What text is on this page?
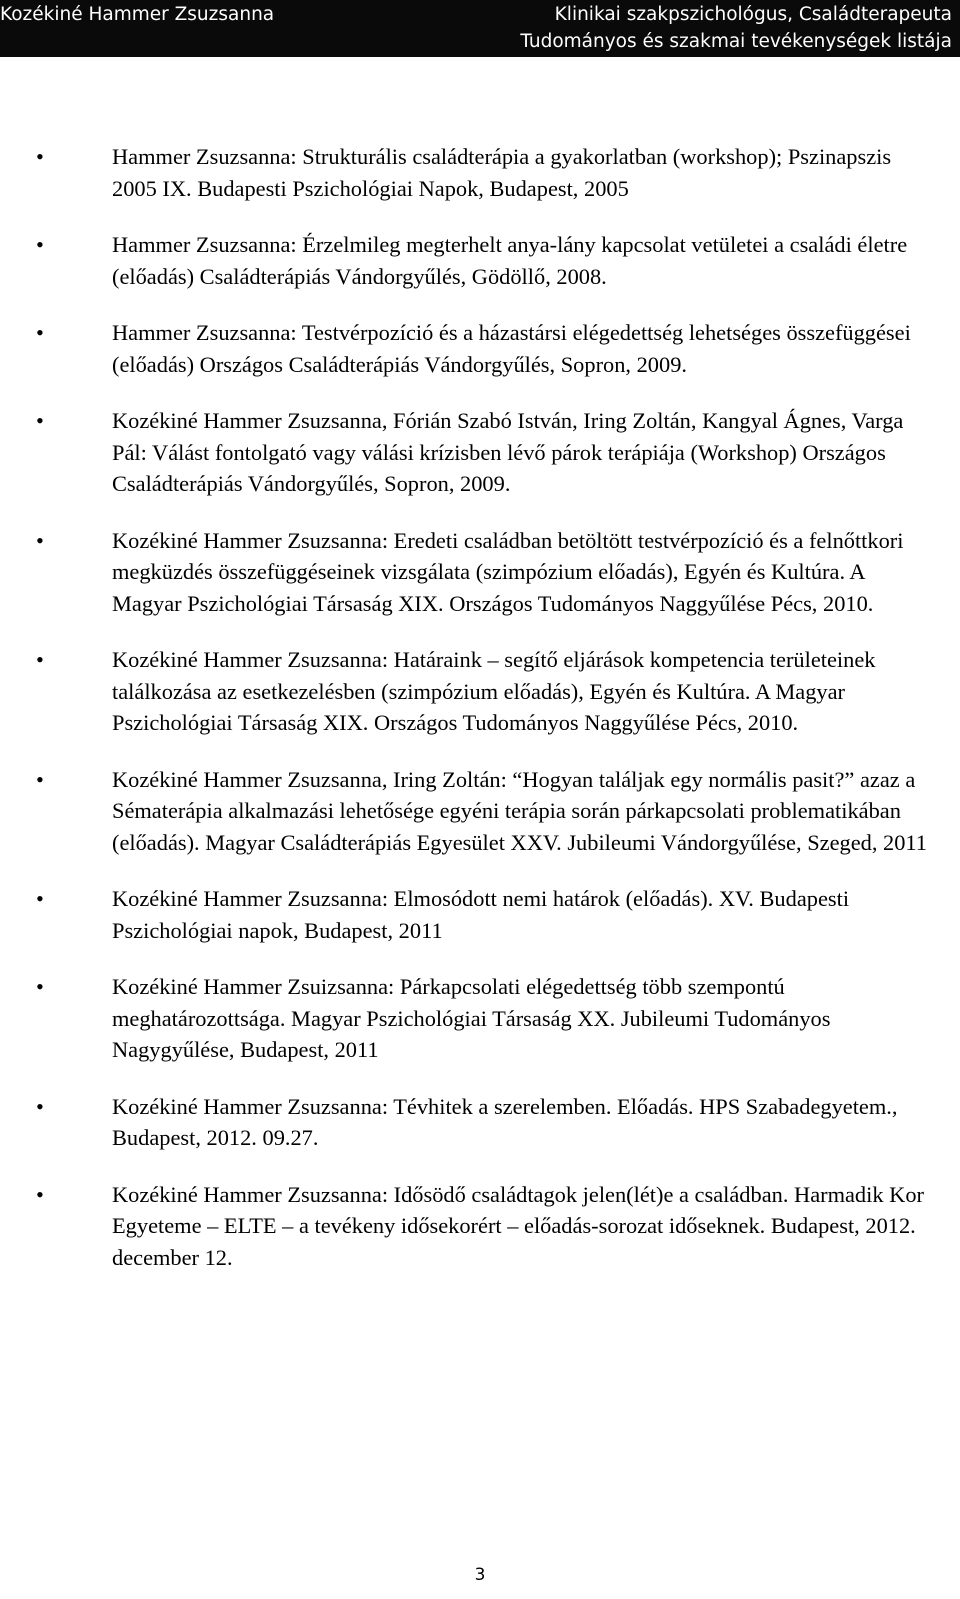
Kozékiné Hammer Zsuzsanna	Klinikai szakpszichológus, Családterapeuta
Tudományos és szakmai tevékenységek listája
•	Hammer Zsuzsanna: Strukturális családterápia a gyakorlatban (workshop); Pszinapszis 2005 IX. Budapesti Pszichológiai Napok, Budapest, 2005
•	Hammer Zsuzsanna: Érzelmileg megterhelt anya-lány kapcsolat vetületei a családi életre (előadás) Családterápiás Vándorgyűlés, Gödöllő, 2008.
•	Hammer Zsuzsanna: Testvérpozíció és a házastársi elégedettség lehetséges összefüggései (előadás) Országos Családterápiás Vándorgyűlés, Sopron, 2009.
•	Kozékiné Hammer Zsuzsanna, Fórián Szabó István, Iring Zoltán, Kangyal Ágnes, Varga Pál: Válást fontolgató vagy válási krízisben lévő párok terápiája (Workshop) Országos Családterápiás Vándorgyűlés, Sopron, 2009.
•	Kozékiné Hammer Zsuzsanna: Eredeti családban betöltött testvérpozíció és a felnőttkori megküzdés összefüggéseinek vizsgálata (szimpózium előadás), Egyén és Kultúra. A Magyar Pszichológiai Társaság XIX. Országos Tudományos Naggyűlése Pécs, 2010.
•	Kozékiné Hammer Zsuzsanna: Határaink – segítő eljárások kompetencia területeinek találkozása az esetkezelésben (szimpózium előadás), Egyén és Kultúra. A Magyar Pszichológiai Társaság XIX. Országos Tudományos Naggyűlése Pécs, 2010.
•	Kozékiné Hammer Zsuzsanna, Iring Zoltán: “Hogyan találjak egy normális pasit?” azaz a Sématerápia alkalmazási lehetősége egyéni terápia során párkapcsolati problematikában (előadás). Magyar Családterápiás Egyesület XXV. Jubileumi Vándorgyűlése, Szeged, 2011
•	Kozékiné Hammer Zsuzsanna: Elmosódott nemi határok (előadás). XV. Budapesti Pszichológiai napok, Budapest, 2011
•	Kozékiné Hammer Zsuizsanna: Párkapcsolati elégedettség több szempontú meghatározottsága. Magyar Pszichológiai Társaság XX. Jubileumi Tudományos Nagygyűlése, Budapest, 2011
•	Kozékiné Hammer Zsuzsanna: Tévhitek a szerelemben. Előadás. HPS Szabadegyetem., Budapest, 2012. 09.27.
•	Kozékiné Hammer Zsuzsanna: Idősödő családtagok jelen(lét)e a családban. Harmadik Kor Egyeteme – ELTE – a tevékeny idősekorért – előadás-sorozat időseknek. Budapest, 2012. december 12.
3
